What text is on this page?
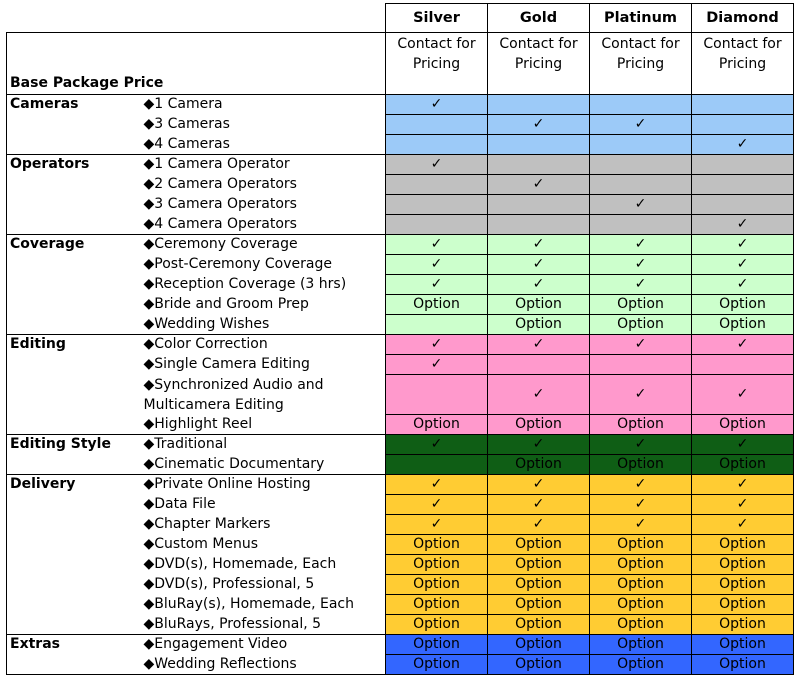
		Silver	Gold	Platinum	Diamond
Base Package Price		Contact for Pricing	Contact for Pricing	Contact for Pricing	Contact for Pricing
Cameras	◆1 Camera	✓			
	◆3 Cameras		✓	✓	
	◆4 Cameras				✓
Operators	◆1 Camera Operator	✓			
	◆2 Camera Operators		✓		
	◆3 Camera Operators			✓	
	◆4 Camera Operators				✓
Coverage	◆Ceremony Coverage	✓	✓	✓	✓
	◆Post-Ceremony Coverage	✓	✓	✓	✓
	◆Reception Coverage (3 hrs)	✓	✓	✓	✓
	◆Bride and Groom Prep	Option	Option	Option	Option
	◆Wedding Wishes		Option	Option	Option
Editing	◆Color Correction	✓	✓	✓	✓
	◆Single Camera Editing	✓			
	◆Synchronized Audio and Multicamera Editing		✓	✓	✓
	◆Highlight Reel	Option	Option	Option	Option
Editing Style	◆Traditional	✓	✓	✓	✓
	◆Cinematic Documentary		Option	Option	Option
Delivery	◆Private Online Hosting	✓	✓	✓	✓
	◆Data File	✓	✓	✓	✓
	◆Chapter Markers	✓	✓	✓	✓
	◆Custom Menus	Option	Option	Option	Option
	◆DVD(s), Homemade, Each	Option	Option	Option	Option
	◆DVD(s), Professional, 5	Option	Option	Option	Option
	◆BluRay(s), Homemade, Each	Option	Option	Option	Option
	◆BluRays, Professional, 5	Option	Option	Option	Option
Extras	◆Engagement Video	Option	Option	Option	Option
	◆Wedding Reflections	Option	Option	Option	Option
